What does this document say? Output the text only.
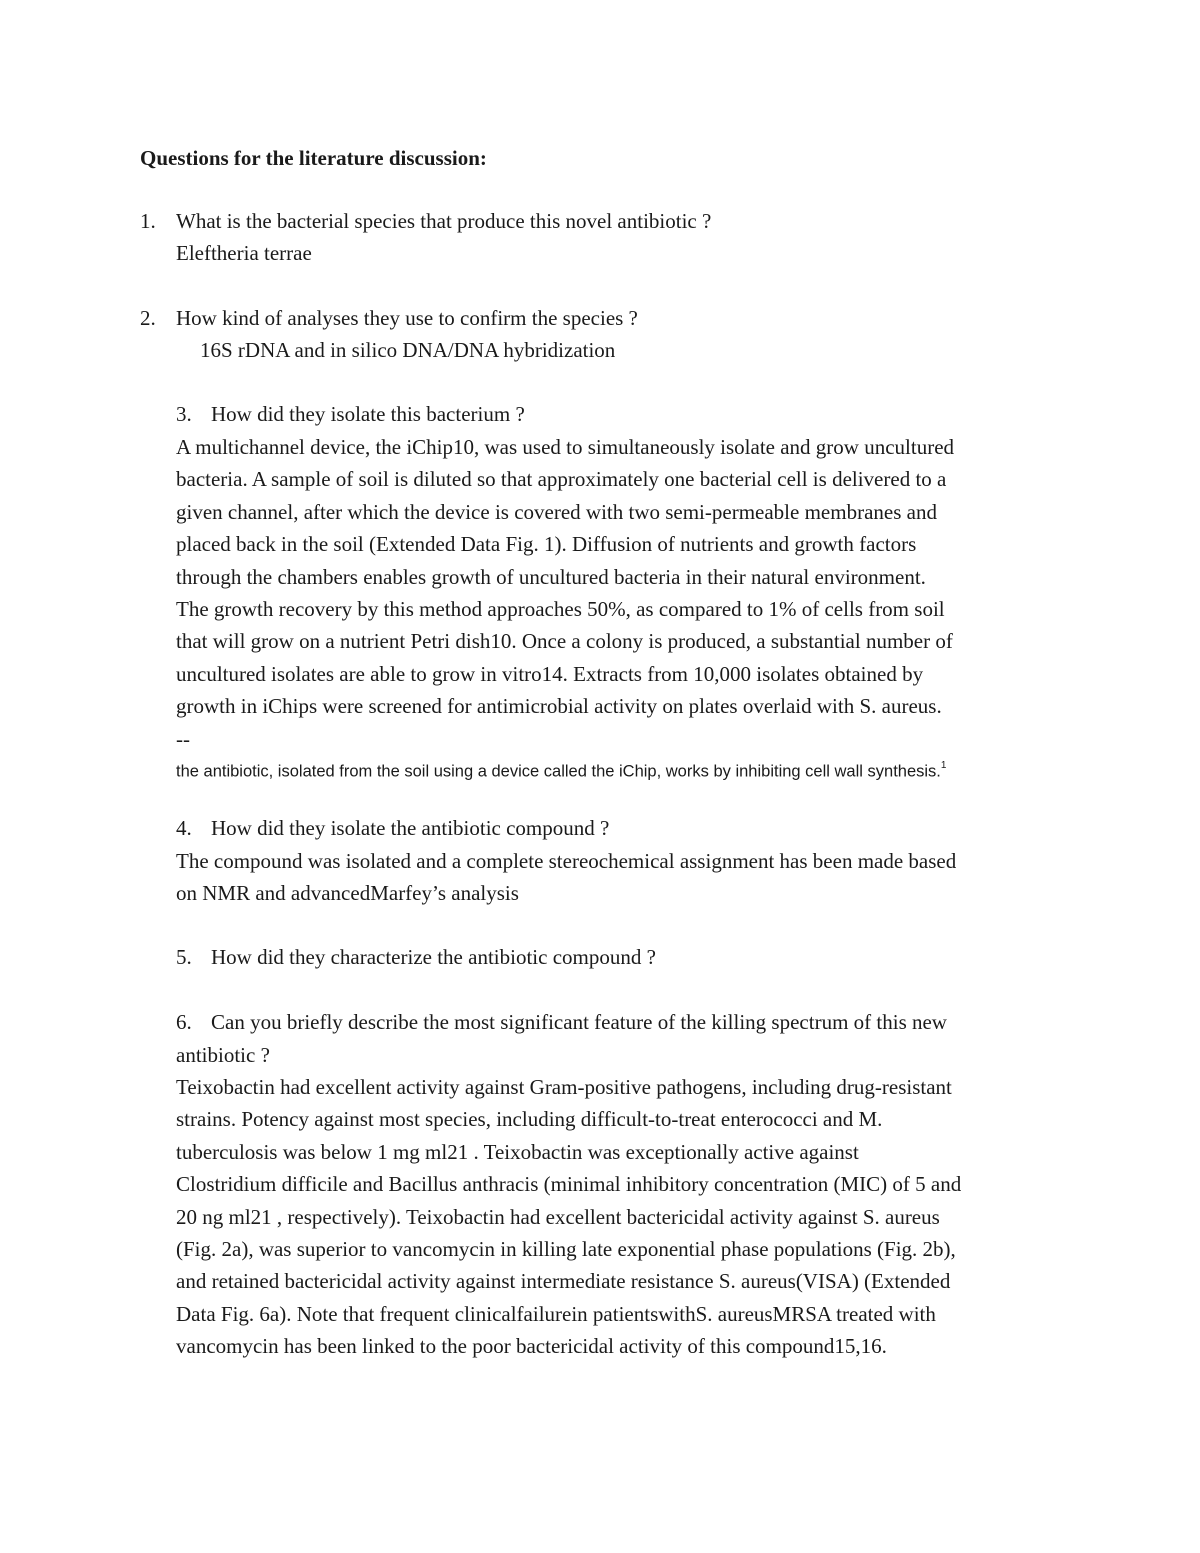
Questions for the literature discussion:
1. What is the bacterial species that produce this novel antibiotic ?
Eleftheria terrae
2. How kind of analyses they use to confirm the species ?
16S rDNA and in silico DNA/DNA hybridization
3. How did they isolate this bacterium ?
A multichannel device, the iChip10, was used to simultaneously isolate and grow uncultured
bacteria. A sample of soil is diluted so that approximately one bacterial cell is delivered to a
given channel, after which the device is covered with two semi-permeable membranes and
placed back in the soil (Extended Data Fig. 1). Diffusion of nutrients and growth factors
through the chambers enables growth of uncultured bacteria in their natural environment.
The growth recovery by this method approaches 50%, as compared to 1% of cells from soil
that will grow on a nutrient Petri dish10. Once a colony is produced, a substantial number of
uncultured isolates are able to grow in vitro14. Extracts from 10,000 isolates obtained by
growth in iChips were screened for antimicrobial activity on plates overlaid with S. aureus.
--
the antibiotic, isolated from the soil using a device called the iChip, works by inhibiting cell wall synthesis.$^1$
4. How did they isolate the antibiotic compound ?
The compound was isolated and a complete stereochemical assignment has been made based
on NMR and advancedMarfey’s analysis
5. How did they characterize the antibiotic compound ?
6. Can you briefly describe the most significant feature of the killing spectrum of this new
antibiotic ?
Teixobactin had excellent activity against Gram-positive pathogens, including drug-resistant
strains. Potency against most species, including difficult-to-treat enterococci and M.
tuberculosis was below 1 mg ml21 . Teixobactin was exceptionally active against
Clostridium difficile and Bacillus anthracis (minimal inhibitory concentration (MIC) of 5 and
20 ng ml21 , respectively). Teixobactin had excellent bactericidal activity against S. aureus
(Fig. 2a), was superior to vancomycin in killing late exponential phase populations (Fig. 2b),
and retained bactericidal activity against intermediate resistance S. aureus(VISA) (Extended
Data Fig. 6a). Note that frequent clinicalfailurein patientswithS. aureusMRSA treated with
vancomycin has been linked to the poor bactericidal activity of this compound15,16.
